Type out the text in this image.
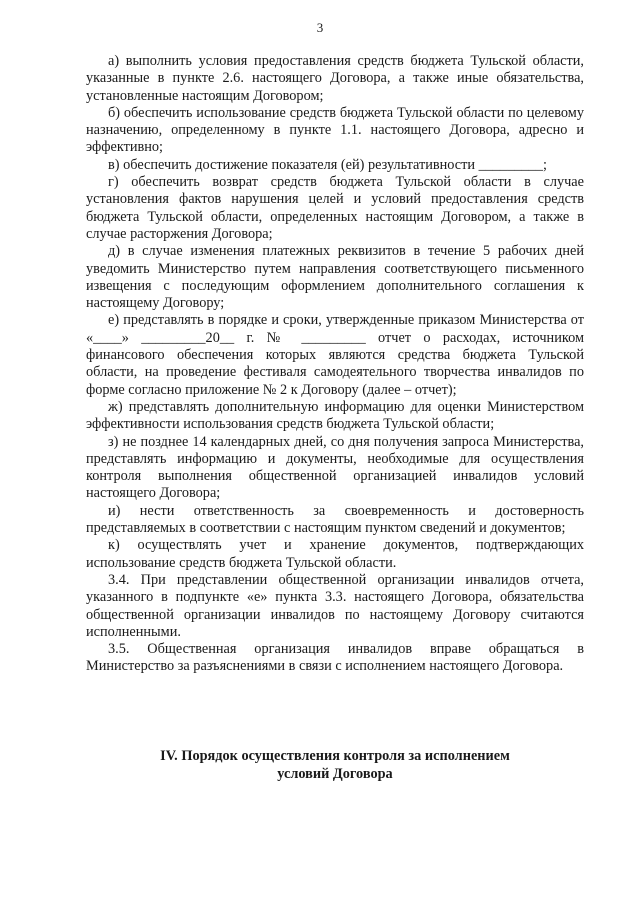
3

а) выполнить условия предоставления средств бюджета Тульской области, указанные в пункте 2.6. настоящего Договора, а также иные обязательства, установленные настоящим Договором;

б) обеспечить использование средств бюджета Тульской области по целевому назначению, определенному в пункте 1.1. настоящего Договора, адресно и эффективно;

в) обеспечить достижение показателя (ей) результативности _________;

г) обеспечить возврат средств бюджета Тульской области в случае установления фактов нарушения целей и условий предоставления средств бюджета Тульской области, определенных настоящим Договором, а также в случае расторжения Договора;

д) в случае изменения платежных реквизитов в течение 5 рабочих дней уведомить Министерство путем направления соответствующего письменного извещения с последующим оформлением дополнительного соглашения к настоящему Договору;

е) представлять в порядке и сроки, утвержденные приказом Министерства от «____» _________20__ г. № _________ отчет о расходах, источником финансового обеспечения которых являются средства бюджета Тульской области, на проведение фестиваля самодеятельного творчества инвалидов по форме согласно приложение № 2 к Договору (далее – отчет);

ж) представлять дополнительную информацию для оценки Министерством эффективности использования средств бюджета Тульской области;

з) не позднее 14 календарных дней, со дня получения запроса Министерства, представлять информацию и документы, необходимые для осуществления контроля выполнения общественной организацией инвалидов условий настоящего Договора;

и) нести ответственность за своевременность и достоверность представляемых в соответствии с настоящим пунктом сведений и документов;

к) осуществлять учет и хранение документов, подтверждающих использование средств бюджета Тульской области.

3.4. При представлении общественной организации инвалидов отчета, указанного в подпункте «е» пункта 3.3. настоящего Договора, обязательства общественной организации инвалидов по настоящему Договору считаются исполненными.

3.5. Общественная организация инвалидов вправе обращаться в Министерство за разъяснениями в связи с исполнением настоящего Договора.

IV. Порядок осуществления контроля за исполнением
условий Договора
